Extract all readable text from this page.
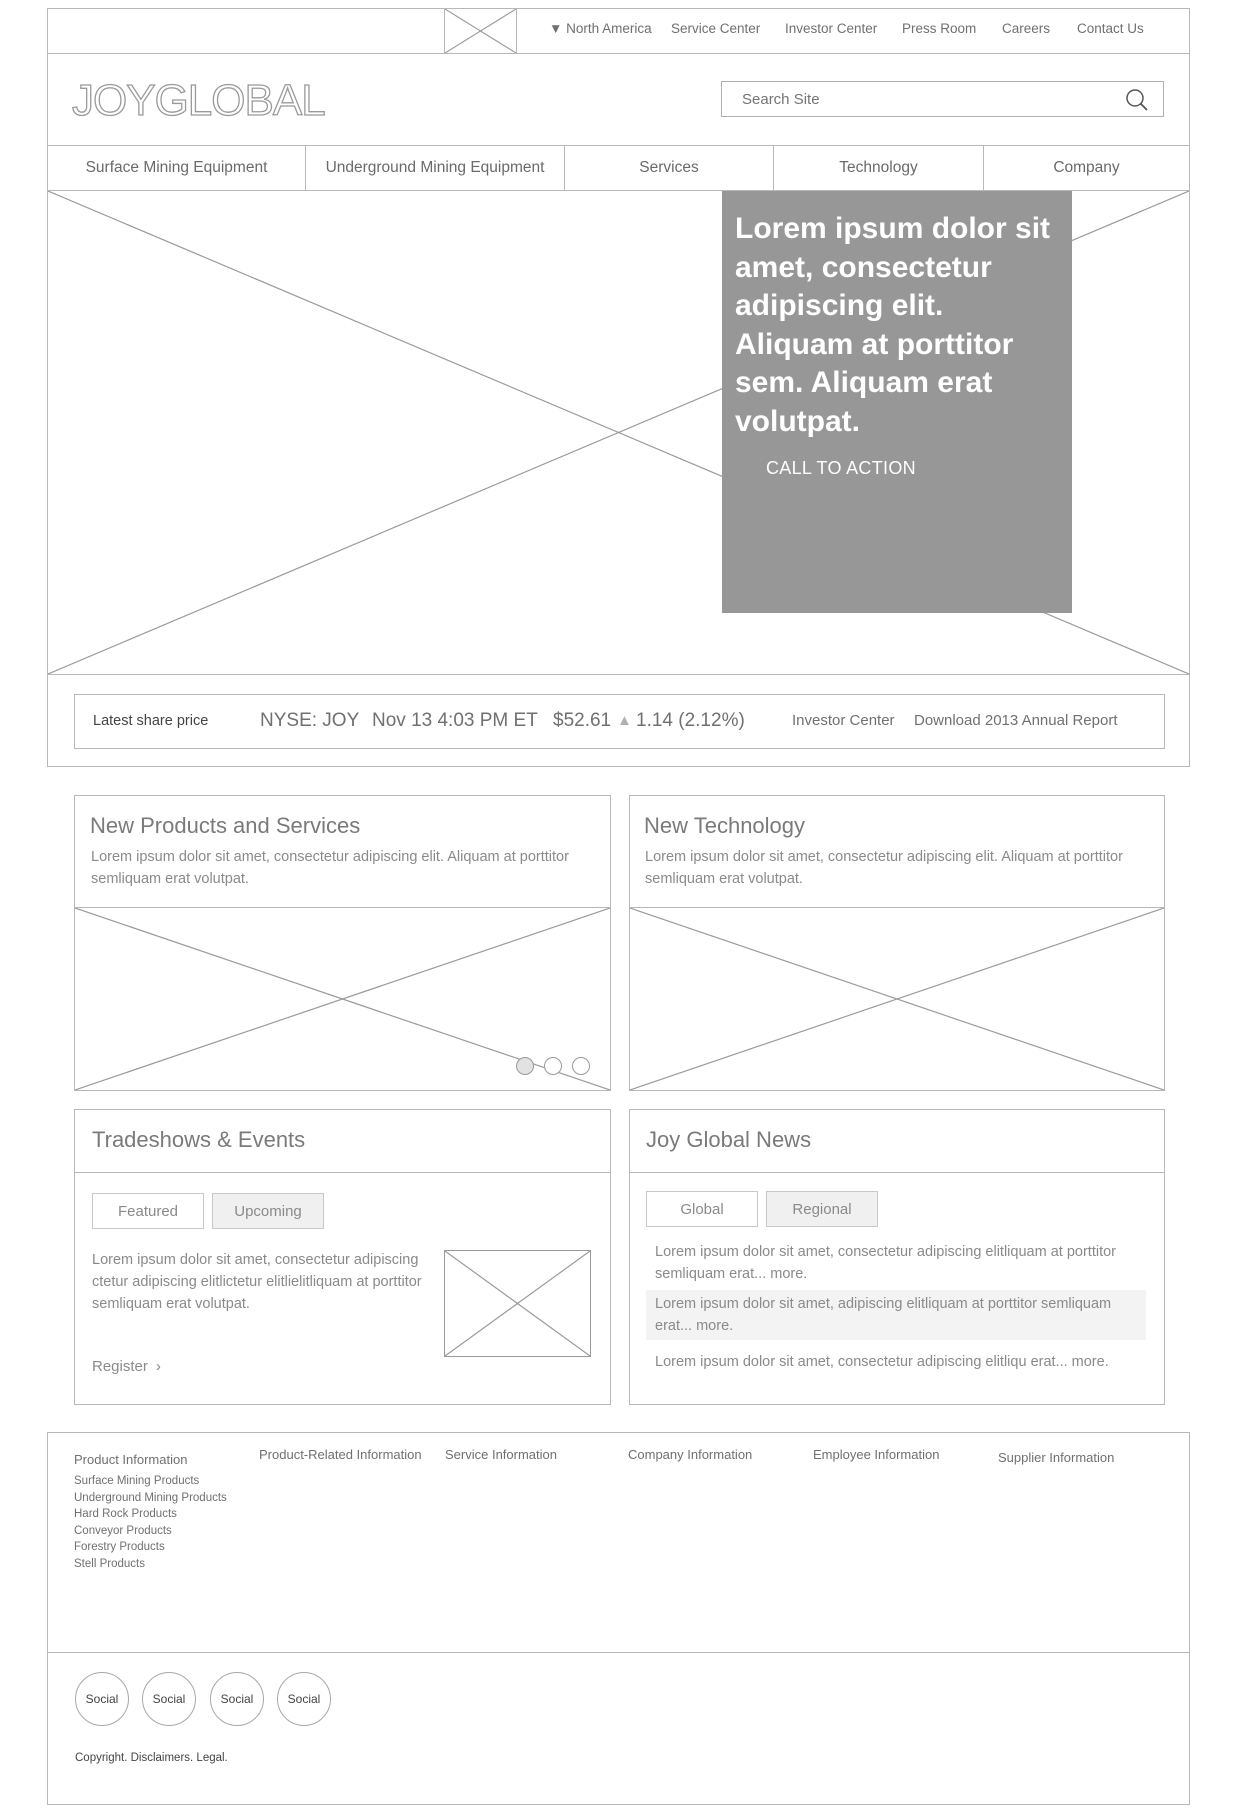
▼ North America Service Center Investor Center Press Room Careers Contact Us
JOYGLOBAL
Search Site
Surface Mining Equipment	Underground Mining Equipment	Services	Technology	Company
Lorem ipsum dolor sit amet, consectetur adipiscing elit. Aliquam at porttitor sem. Aliquam erat volutpat.
CALL TO ACTION
Latest share price	NYSE: JOY Nov 13 4:03 PM ET $52.61 ▲ 1.14 (2.12%)	Investor Center Download 2013 Annual Report
New Products and Services
Lorem ipsum dolor sit amet, consectetur adipiscing elit. Aliquam at porttitor semliquam erat volutpat.
New Technology
Lorem ipsum dolor sit amet, consectetur adipiscing elit. Aliquam at porttitor semliquam erat volutpat.
Tradeshows & Events
Featured	Upcoming
Lorem ipsum dolor sit amet, consectetur adipiscing ctetur adipiscing elitlictetur elitlielitliquam at porttitor semliquam erat volutpat.
Register ›
Joy Global News
Global	Regional
Lorem ipsum dolor sit amet, consectetur adipiscing elitliquam at porttitor semliquam erat... more.
Lorem ipsum dolor sit amet, adipiscing elitliquam at porttitor semliquam erat... more.
Lorem ipsum dolor sit amet, consectetur adipiscing elitliqu erat... more.
Product Information
Surface Mining Products
Underground Mining Products
Hard Rock Products
Conveyor Products
Forestry Products
Stell Products
Product-Related Information Service Information	Company Information	Employee Information	Supplier Information
Social	Social	Social	Social
Copyright. Disclaimers. Legal.
